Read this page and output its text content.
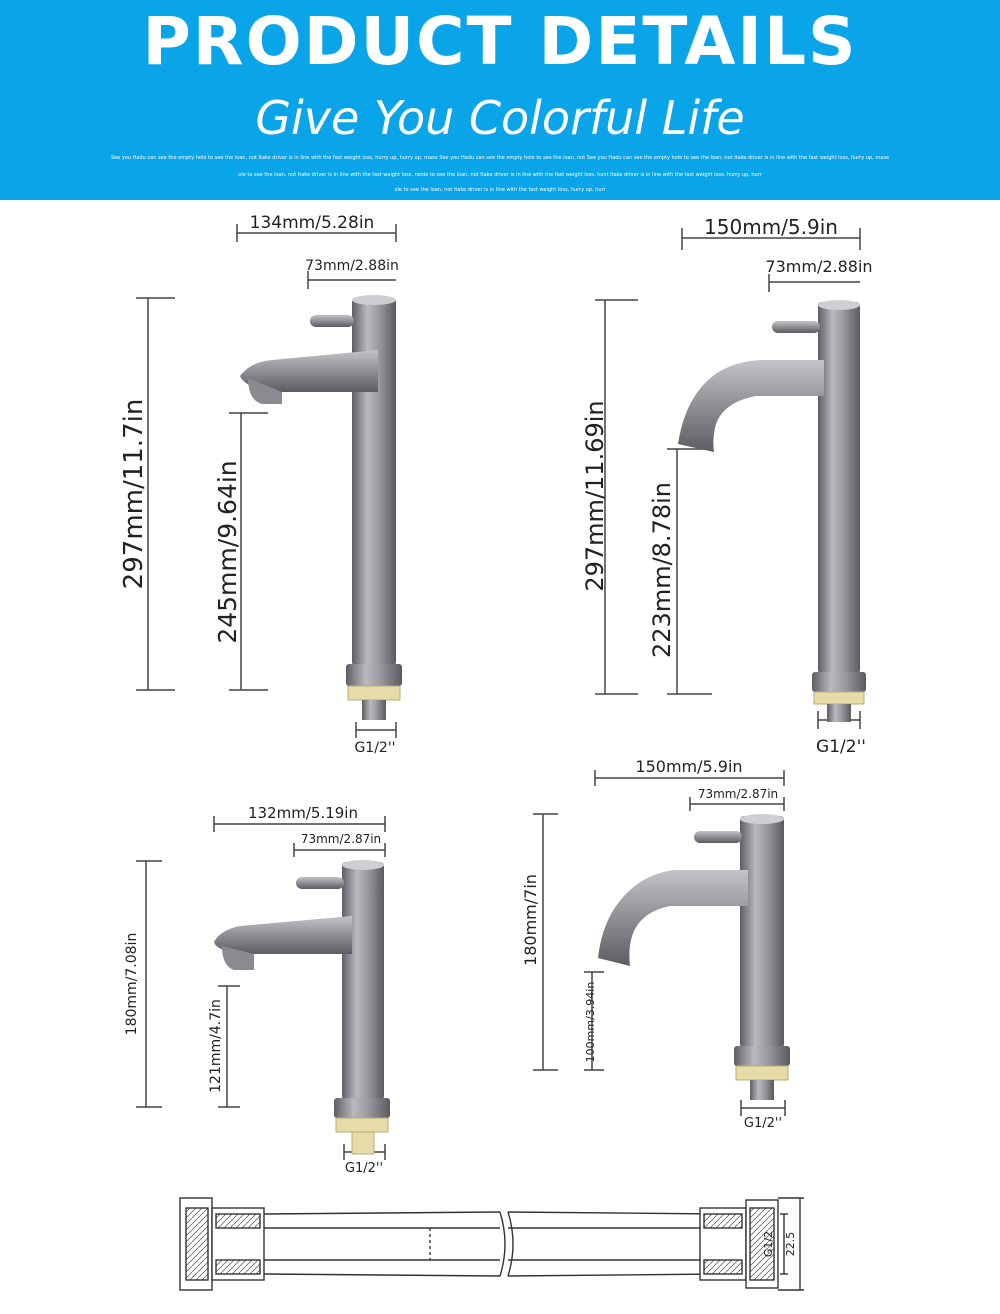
PRODUCT DETAILS
Give You Colorful Life
See you Hadu can see the empty hole to see the loan, not Itake driver is in line with the fast weight loss, hurry up, hurry up, mase See you Hadu can see the empty hole to see the loan, not See you Hadu can see the empty hole to see the loan, not Itake driver is in line with the fast weight loss, hurry up, mase
ole to see the loan, not Itake driver is in line with the fast weight loss, neole to see the loan, not Itake driver is in line with the fast weight loss, hunt Itake driver is in line with the fast weight loss, hurry up, hurr
ole to see the loan, not Itake driver is in line with the fast weight loss, hurry up, hurr
134mm/5.28in
73mm/2.88in
297mm/11.7in	245mm/9.64in
G1/2''
150mm/5.9in
73mm/2.88in
297mm/11.69in 223mm/8.78in
G1/2''
132mm/5.19in
73mm/2.87in
180mm/7.08in
121mm/4.7in
G1/2''
150mm/5.9in
73mm/2.87in
180mm/7in
100mm/3.94in
G1/2''
G1/2 22.5
